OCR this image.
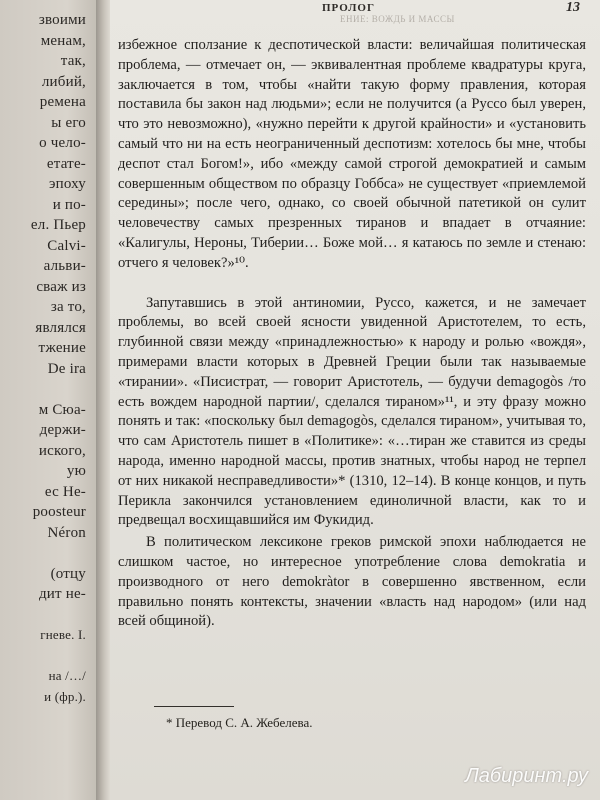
звоими
менам,
так,
либий,
ремена
ы его
о чело-
етате-
эпоху
и по-
ел. Пьер
Calvi-
альви-
сваж из
за то,
являлся
тжение
De ira
м Сюа-
держи-
иского,
ую
ес Не-
poosteur
Néron
(отцу
дит не-
гневе. I.
на /…/
и (фр.).
ПРОЛОГ
ЕНИЕ: ВОЖДЬ И МАССЫ
13

избежное сползание к деспотической власти: величайшая политическая проблема, — отмечает он, — эквивалентная проблеме квадратуры круга, заключается в том, чтобы «найти такую форму правления, которая поставила бы закон над людьми»; если не получится (а Руссо был уверен, что это невозможно), «нужно перейти к другой крайности» и «установить самый что ни на есть неограниченный деспотизм: хотелось бы мне, чтобы деспот стал Богом!», ибо «между самой строгой демократией и самым совершенным обществом по образцу Гоббса» не существует «приемлемой середины»; после чего, однако, со своей обычной патетикой он сулит человечеству самых презренных тиранов и впадает в отчаяние: «Калигулы, Нероны, Тиберии… Боже мой… я катаюсь по земле и стенаю: отчего я человек?»¹⁰.

Запутавшись в этой антиномии, Руссо, кажется, и не замечает проблемы, во всей своей ясности увиденной Аристотелем, то есть, глубинной связи между «принадлежностью» к народу и ролью «вождя», примерами власти которых в Древней Греции были так называемые «тирании». «Писистрат, — говорит Аристотель, — будучи demagogòs /то есть вождем народной партии/, сделался тираном»¹¹, и эту фразу можно понять и так: «поскольку был demagogòs, сделался тираном», учитывая то, что сам Аристотель пишет в «Политике»: «…тиран же ставится из среды народа, именно народной массы, против знатных, чтобы народ не терпел от них никакой несправедливости»* (1310, 12–14). В конце концов, и путь Перикла закончился установлением единоличной власти, как то и предвещал восхищавшийся им Фукидид.

В политическом лексиконе греков римской эпохи наблюдается не слишком частое, но интересное употребление слова demokratia и производного от него demokràtor в совершенно явственном, если правильно понять контексты, значении «власть над народом» (или над всей общиной).

* Перевод С. А. Жебелева.
Лабиринт.ру
